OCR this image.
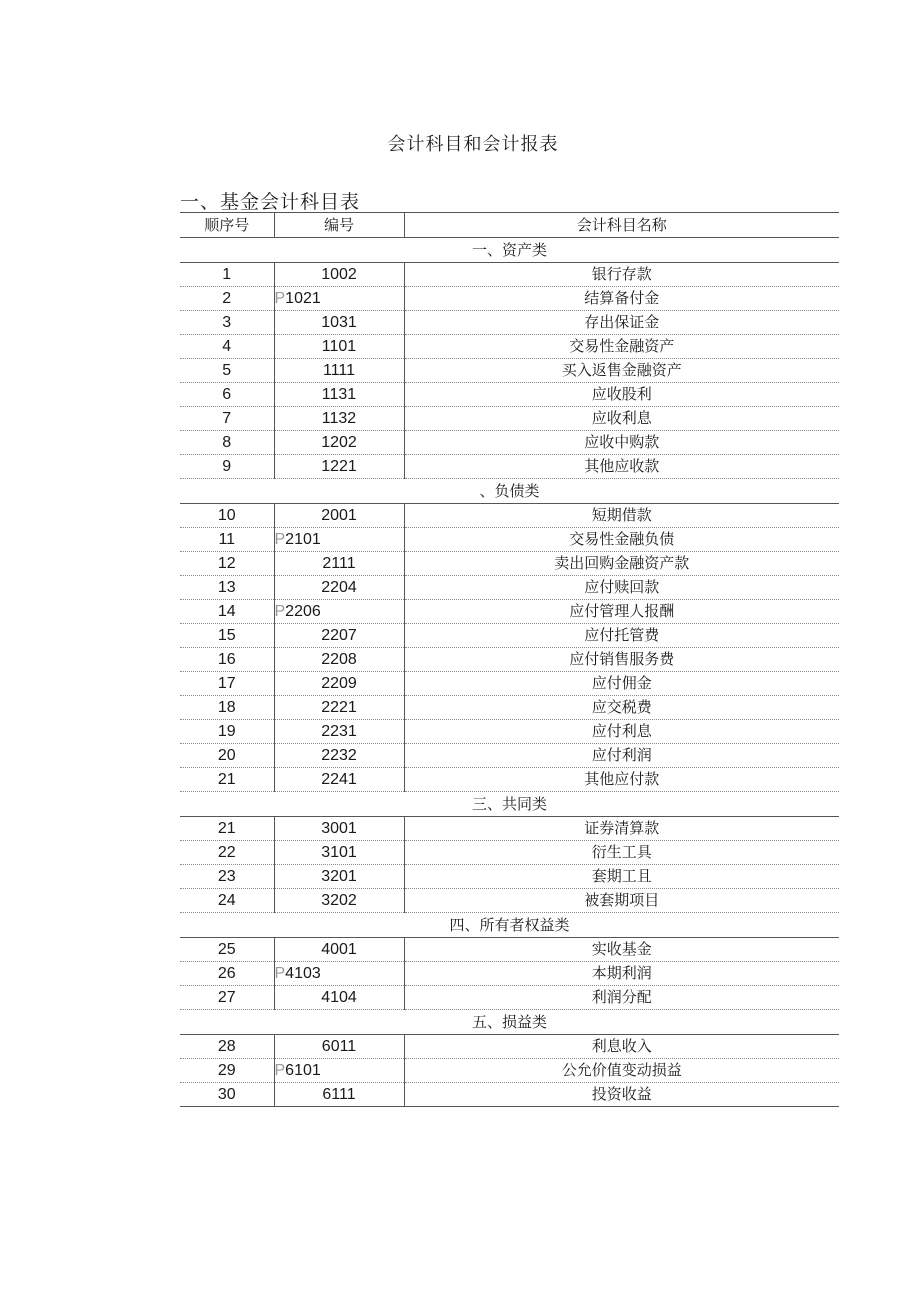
会计科目和会计报表
一、基金会计科目表
顺序号	编号	会计科目名称
一、资产类		
1	1002	银行存款
2	P1021	结算备付金
3	1031	存出保证金
4	1101	交易性金融资产
5	1111	买入返售金融资产
6	1131	应收股利
7	1132	应收利息
8	1202	应收中购款
9	1221	其他应收款
、负债类		
10	2001	短期借款
11	P2101	交易性金融负债
12	2111	卖出回购金融资产款
13	2204	应付赎回款
14	P2206	应付管理人报酬
15	2207	应付托管费
16	2208	应付销售服务费
17	2209	应付佣金
18	2221	应交税费
19	2231	应付利息
20	2232	应付利润
21	2241	其他应付款
三、共同类		
21	3001	证券清算款
22	3101	衍生工具
23	3201	套期工且
24	3202	被套期项目
四、所有者权益类		
25	4001	实收基金
26	P4103	本期利润
27	4104	利润分配
五、损益类		
28	6011	利息收入
29	P6101	公允价值变动损益
30	6111	投资收益
